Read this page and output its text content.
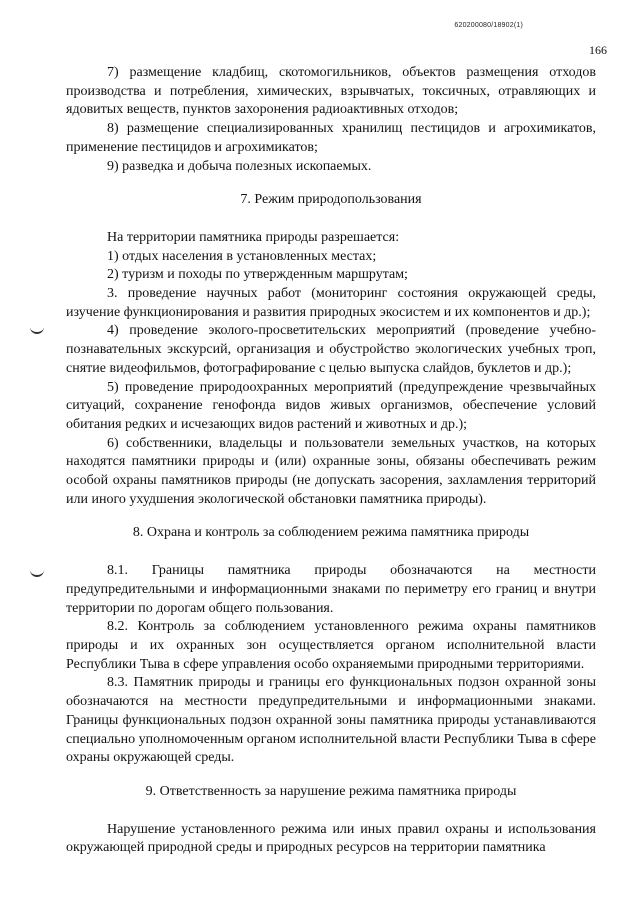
620200080/18902(1)
166

7) размещение кладбищ, скотомогильников, объектов размещения отходов производства и потребления, химических, взрывчатых, токсичных, отравляющих и ядовитых веществ, пунктов захоронения радиоактивных отходов;

8) размещение специализированных хранилищ пестицидов и агрохимикатов, применение пестицидов и агрохимикатов;

9) разведка и добыча полезных ископаемых.

7. Режим природопользования

На территории памятника природы разрешается:

1) отдых населения в установленных местах;

2) туризм и походы по утвержденным маршрутам;

3. проведение научных работ (мониторинг состояния окружающей среды, изучение функционирования и развития природных экосистем и их компонентов и др.);

4) проведение эколого-просветительских мероприятий (проведение учебно-познавательных экскурсий, организация и обустройство экологических учебных троп, снятие видеофильмов, фотографирование с целью выпуска слайдов, буклетов и др.);

5) проведение природоохранных мероприятий (предупреждение чрезвычайных ситуаций, сохранение генофонда видов живых организмов, обеспечение условий обитания редких и исчезающих видов растений и животных и др.);

6) собственники, владельцы и пользователи земельных участков, на которых находятся памятники природы и (или) охранные зоны, обязаны обеспечивать режим особой охраны памятников природы (не допускать засорения, захламления территорий или иного ухудшения экологической обстановки памятника природы).

8. Охрана и контроль за соблюдением режима памятника природы

8.1. Границы памятника природы обозначаются на местности предупредительными и информационными знаками по периметру его границ и внутри территории по дорогам общего пользования.

8.2. Контроль за соблюдением установленного режима охраны памятников природы и их охранных зон осуществляется органом исполнительной власти Республики Тыва в сфере управления особо охраняемыми природными территориями.

8.3. Памятник природы и границы его функциональных подзон охранной зоны обозначаются на местности предупредительными и информационными знаками. Границы функциональных подзон охранной зоны памятника природы устанавливаются специально уполномоченным органом исполнительной власти Республики Тыва в сфере охраны окружающей среды.

9. Ответственность за нарушение режима памятника природы

Нарушение установленного режима или иных правил охраны и использования окружающей природной среды и природных ресурсов на территории памятника
